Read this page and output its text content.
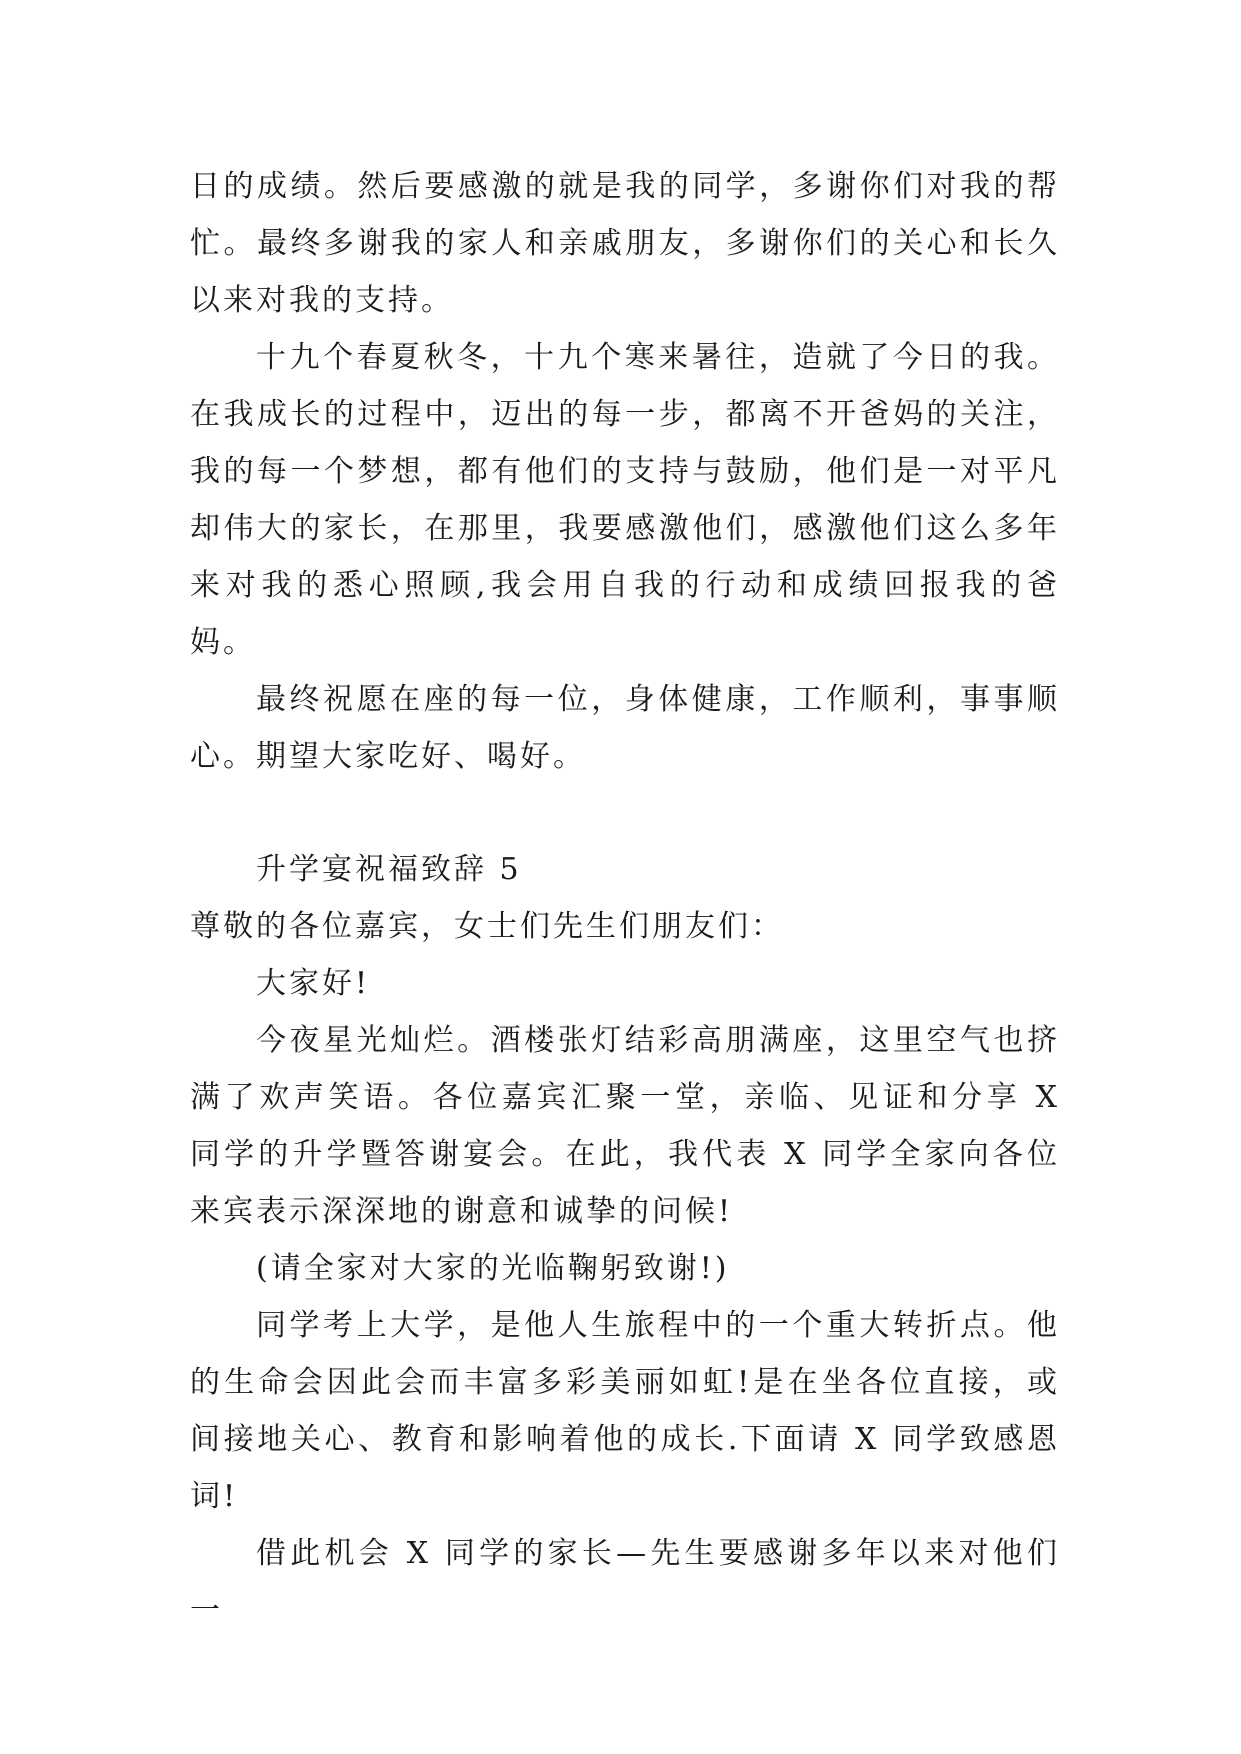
日的成绩。然后要感激的就是我的同学，多谢你们对我的帮忙。最终多谢我的家人和亲戚朋友，多谢你们的关心和长久以来对我的支持。

十九个春夏秋冬，十九个寒来暑往，造就了今日的我。在我成长的过程中，迈出的每一步，都离不开爸妈的关注，我的每一个梦想，都有他们的支持与鼓励，他们是一对平凡却伟大的家长，在那里，我要感激他们，感激他们这么多年来对我的悉心照顾,我会用自我的行动和成绩回报我的爸妈。

最终祝愿在座的每一位，身体健康，工作顺利，事事顺心。期望大家吃好、喝好。

升学宴祝福致辞 5

尊敬的各位嘉宾，女士们先生们朋友们：

大家好!

今夜星光灿烂。酒楼张灯结彩高朋满座，这里空气也挤满了欢声笑语。各位嘉宾汇聚一堂，亲临、见证和分享 X 同学的升学暨答谢宴会。在此，我代表 X 同学全家向各位来宾表示深深地的谢意和诚挚的问候!

(请全家对大家的光临鞠躬致谢!)

同学考上大学，是他人生旅程中的一个重大转折点。他的生命会因此会而丰富多彩美丽如虹!是在坐各位直接，或间接地关心、教育和影响着他的成长.下面请 X 同学致感恩词!

借此机会 X 同学的家长—先生要感谢多年以来对他们一
